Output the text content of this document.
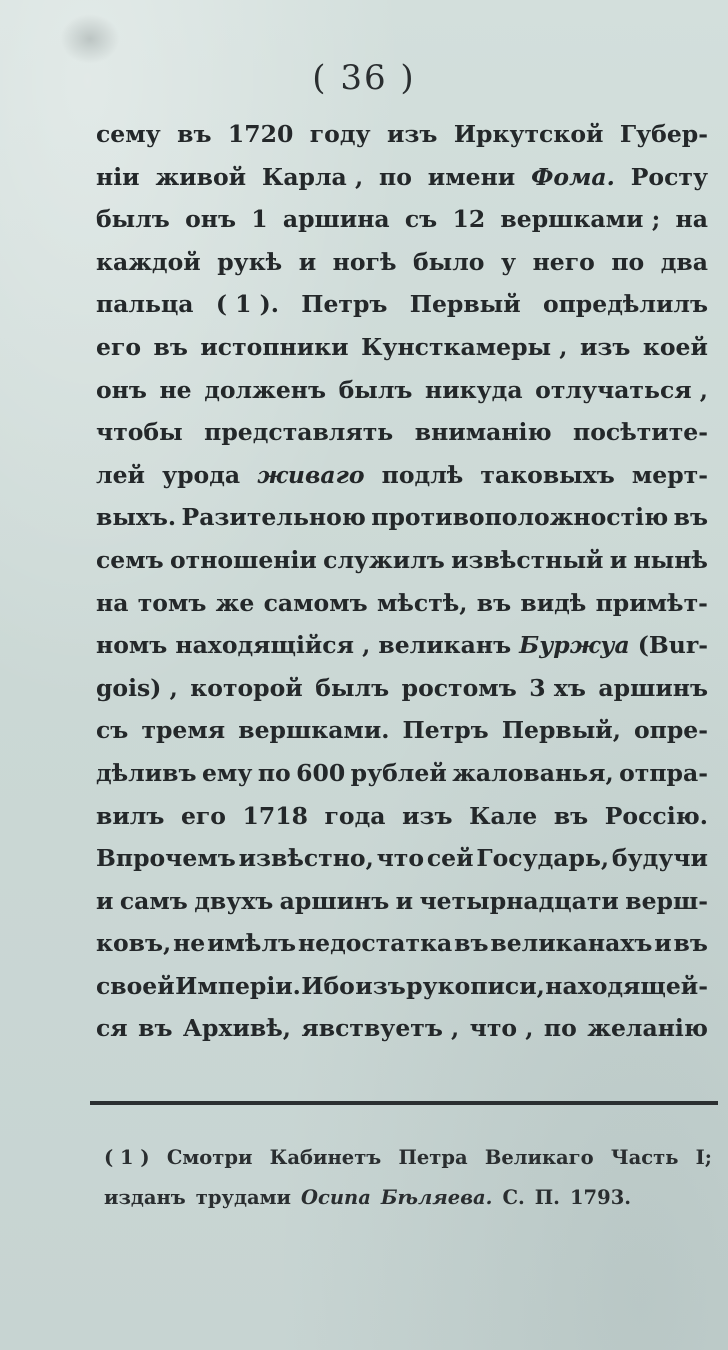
( 36 )
сему въ 1720 году изъ Иркутской Губер-
нiи живой Карла , по имени Фома. Росту
былъ онъ 1 аршина съ 12 вершками ; на
каждой рукѣ и ногѣ было у него по два
пальца ( 1 ). Петръ Первый опредѣлилъ
его въ истопники Кунсткамеры , изъ коей
онъ не долженъ былъ никуда отлучаться ,
чтобы представлять вниманiю посѣтите-
лей урода живаго подлѣ таковыхъ мерт-
выхъ. Разительною противоположностiю въ
семъ отношенiи служилъ извѣстный и нынѣ
на томъ же самомъ мѣстѣ, въ видѣ примѣт-
номъ находящiйся , великанъ Буржуа (Bur-
gois) , которой былъ ростомъ 3 хъ аршинъ
съ тремя вершками. Петръ Первый, опре-
дѣливъ ему по 600 рублей жалованья, отпра-
вилъ его 1718 года изъ Кале въ Россiю.
Впрочемъ извѣстно, что сей Государь, будучи
и самъ двухъ аршинъ и четырнадцати верш-
ковъ, не имѣлъ недостатка въ великанахъ и въ
своей Имперiи. Ибо изъ рукописи, находящей-
ся въ Архивѣ, явствуетъ , что , по желанiю
( 1 ) Смотри Кабинетъ Петра Великаго Часть I;
изданъ трудами Осипа Бѣляева. С. П. 1793.
